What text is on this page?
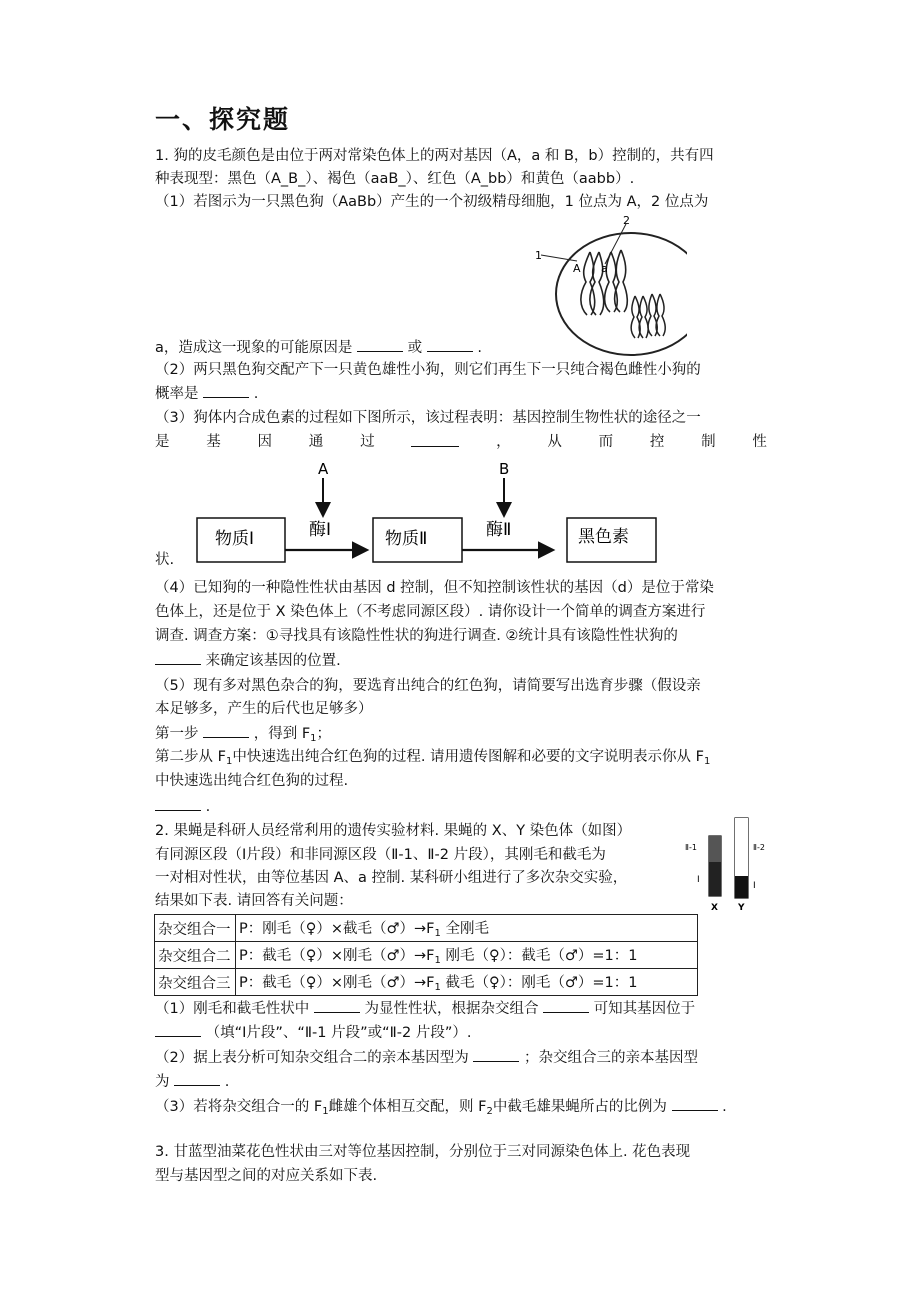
一、探究题
1. 狗的皮毛颜色是由位于两对常染色体上的两对基因（A，a 和 B，b）控制的，共有四
种表现型：黑色（A_B_）、褐色（aaB_）、红色（A_bb）和黄色（aabb）.
（1）若图示为一只黑色狗（AaBb）产生的一个初级精母细胞，1 位点为 A，2 位点为
1
2
A a
a，造成这一现象的可能原因是	或	.
（2）两只黑色狗交配产下一只黄色雄性小狗，则它们再生下一只纯合褐色雌性小狗的
概率是	.
（3）狗体内合成色素的过程如下图所示，该过程表明：基因控制生物性状的途径之一
是	基	因	通	过	，	从	而	控	制	性
A	B
物质Ⅰ	酶Ⅰ	物质Ⅱ	酶Ⅱ	黑色素
状.
（4）已知狗的一种隐性性状由基因 d 控制，但不知控制该性状的基因（d）是位于常染
色体上，还是位于 X 染色体上（不考虑同源区段）. 请你设计一个简单的调查方案进行
调查. 调查方案：①寻找具有该隐性性状的狗进行调查. ②统计具有该隐性性状狗的
来确定该基因的位置.
（5）现有多对黑色杂合的狗，要选育出纯合的红色狗，请简要写出选育步骤（假设亲
本足够多，产生的后代也足够多）
第一步	，得到 $F_1$；
第二步从 $F_1$中快速选出纯合红色狗的过程. 请用遗传图解和必要的文字说明表示你从 $F_1$
中快速选出纯合红色狗的过程.
.
2. 果蝇是科研人员经常利用的遗传实验材料. 果蝇的 X、Y 染色体（如图）
有同源区段（Ⅰ片段）和非同源区段（Ⅱ-1、Ⅱ-2 片段），其刚毛和截毛为
一对相对性状，由等位基因 A、a 控制. 某科研小组进行了多次杂交实验，
结果如下表. 请回答有关问题：
Ⅱ-1	Ⅱ-2
Ⅰ
Ⅰ
X Y
杂交组合一	P：刚毛（♀）×截毛$(♂)\to F_1$ 全刚毛
杂交组合二	P：截毛（♀）×刚毛$(♂)\to F_1$ 刚毛（♀）：截毛（♂）=1：1
杂交组合三	P：截毛（♀）×刚毛$(♂)\to F_1$ 截毛（♀）：刚毛（♂）=1：1
（1）刚毛和截毛性状中	为显性性状，根据杂交组合	可知其基因位于
（填“Ⅰ片段”、“Ⅱ-1 片段”或“Ⅱ-2 片段”）.
（2）据上表分析可知杂交组合二的亲本基因型为	；杂交组合三的亲本基因型
为	.
（3）若将杂交组合一的 $F_1$雌雄个体相互交配，则 $F_2$中截毛雄果蝇所占的比例为	.
3. 甘蓝型油菜花色性状由三对等位基因控制，分别位于三对同源染色体上. 花色表现
型与基因型之间的对应关系如下表.
